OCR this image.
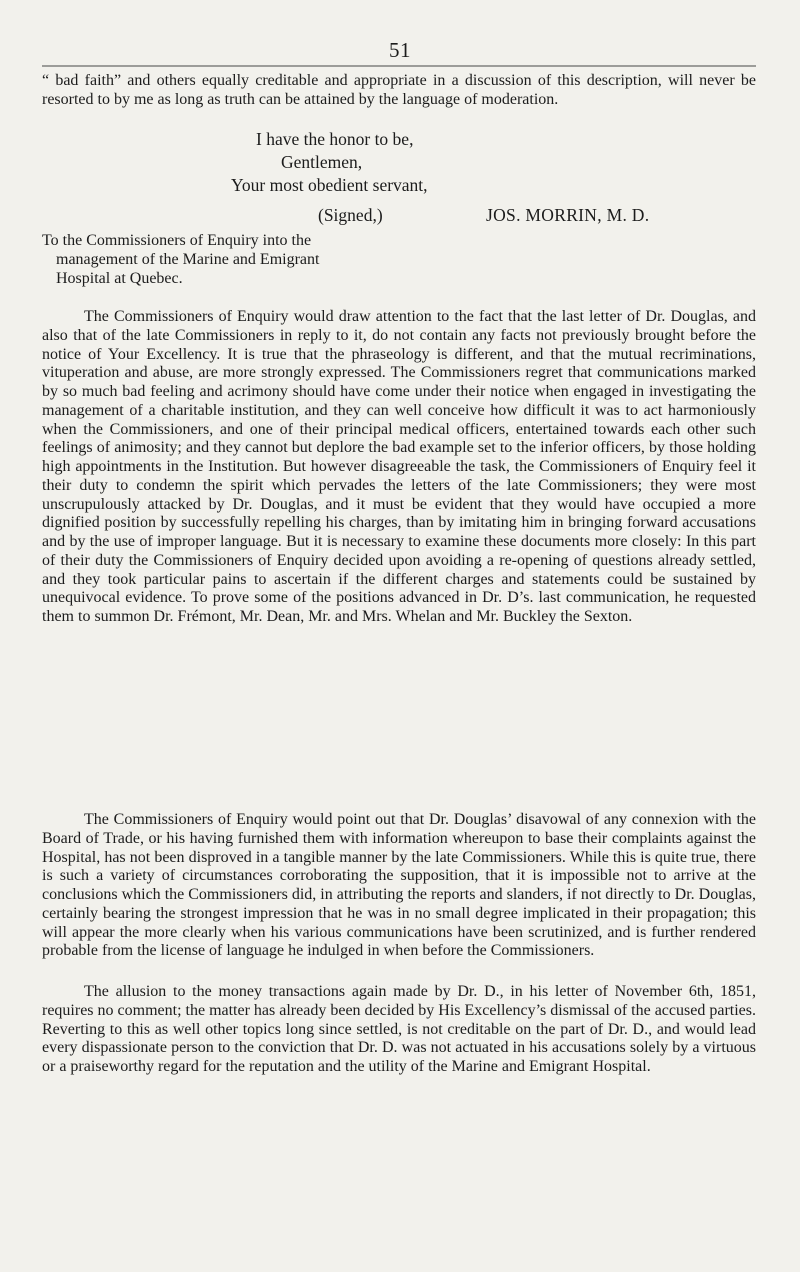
51

“ bad faith” and others equally creditable and appropriate in a discussion of this description, will never be resorted to by me as long as truth can be attained by the language of moderation.

I have the honor to be,
Gentlemen,
Your most obedient servant,
(Signed,)	JOS. MORRIN, M. D.
To the Commissioners of Enquiry into the
management of the Marine and Emigrant
Hospital at Quebec.

The Commissioners of Enquiry would draw attention to the fact that the last letter of Dr. Douglas, and also that of the late Commissioners in reply to it, do not contain any facts not previously brought before the notice of Your Excellency. It is true that the phraseology is different, and that the mutual recriminations, vituperation and abuse, are more strongly expressed. The Commissioners regret that communications marked by so much bad feeling and acrimony should have come under their notice when engaged in investigating the management of a charitable institution, and they can well conceive how difficult it was to act harmoniously when the Commissioners, and one of their principal medical officers, entertained towards each other such feelings of animosity; and they cannot but deplore the bad example set to the inferior officers, by those holding high appointments in the Institution. But however disagreeable the task, the Commissioners of Enquiry feel it their duty to condemn the spirit which pervades the letters of the late Commissioners; they were most unscrupulously attacked by Dr. Douglas, and it must be evident that they would have occupied a more dignified position by successfully repelling his charges, than by imitating him in bringing forward accusations and by the use of improper language. But it is necessary to examine these documents more closely: In this part of their duty the Commissioners of Enquiry decided upon avoiding a re-opening of questions already settled, and they took particular pains to ascertain if the different charges and statements could be sustained by unequivocal evidence. To prove some of the positions advanced in Dr. D’s. last communication, he requested them to summon Dr. Frémont, Mr. Dean, Mr. and Mrs. Whelan and Mr. Buckley the Sexton.

The Commissioners of Enquiry would point out that Dr. Douglas’ disavowal of any connexion with the Board of Trade, or his having furnished them with information whereupon to base their complaints against the Hospital, has not been disproved in a tangible manner by the late Commissioners. While this is quite true, there is such a variety of circumstances corroborating the supposition, that it is impossible not to arrive at the conclusions which the Commissioners did, in attributing the reports and slanders, if not directly to Dr. Douglas, certainly bearing the strongest impression that he was in no small degree implicated in their propagation; this will appear the more clearly when his various communications have been scrutinized, and is further rendered probable from the license of language he indulged in when before the Commissioners.

The allusion to the money transactions again made by Dr. D., in his letter of November 6th, 1851, requires no comment; the matter has already been decided by His Excellency’s dismissal of the accused parties. Reverting to this as well other topics long since settled, is not creditable on the part of Dr. D., and would lead every dispassionate person to the conviction that Dr. D. was not actuated in his accusations solely by a virtuous or a praiseworthy regard for the reputation and the utility of the Marine and Emigrant Hospital.
